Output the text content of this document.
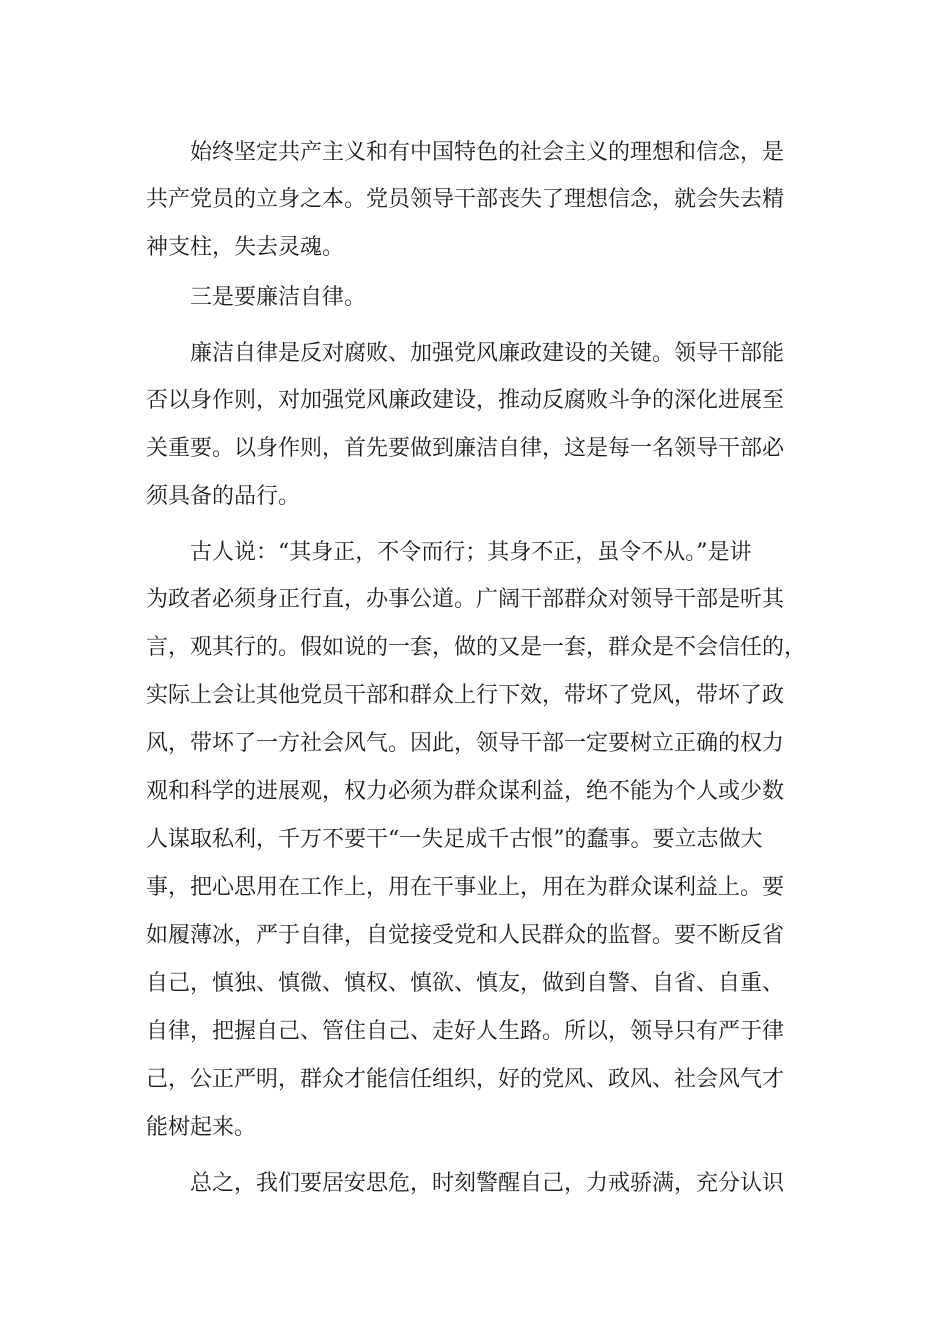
始终坚定共产主义和有中国特色的社会主义的理想和信念，是
共产党员的立身之本。党员领导干部丧失了理想信念，就会失去精
神支柱，失去灵魂。
三是要廉洁自律。
廉洁自律是反对腐败、加强党风廉政建设的关键。领导干部能
否以身作则，对加强党风廉政建设，推动反腐败斗争的深化进展至
关重要。以身作则，首先要做到廉洁自律，这是每一名领导干部必
须具备的品行。
古人说：“其身正，不令而行；其身不正，虽令不从。”是讲
为政者必须身正行直，办事公道。广阔干部群众对领导干部是听其
言，观其行的。假如说的一套，做的又是一套，群众是不会信任的，
实际上会让其他党员干部和群众上行下效，带坏了党风，带坏了政
风，带坏了一方社会风气。因此，领导干部一定要树立正确的权力
观和科学的进展观，权力必须为群众谋利益，绝不能为个人或少数
人谋取私利，千万不要干“一失足成千古恨”的蠢事。要立志做大
事，把心思用在工作上，用在干事业上，用在为群众谋利益上。要
如履薄冰，严于自律，自觉接受党和人民群众的监督。要不断反省
自己，慎独、慎微、慎权、慎欲、慎友，做到自警、自省、自重、
自律，把握自己、管住自己、走好人生路。所以，领导只有严于律
己，公正严明，群众才能信任组织，好的党风、政风、社会风气才
能树起来。
总之，我们要居安思危，时刻警醒自己，力戒骄满，充分认识
